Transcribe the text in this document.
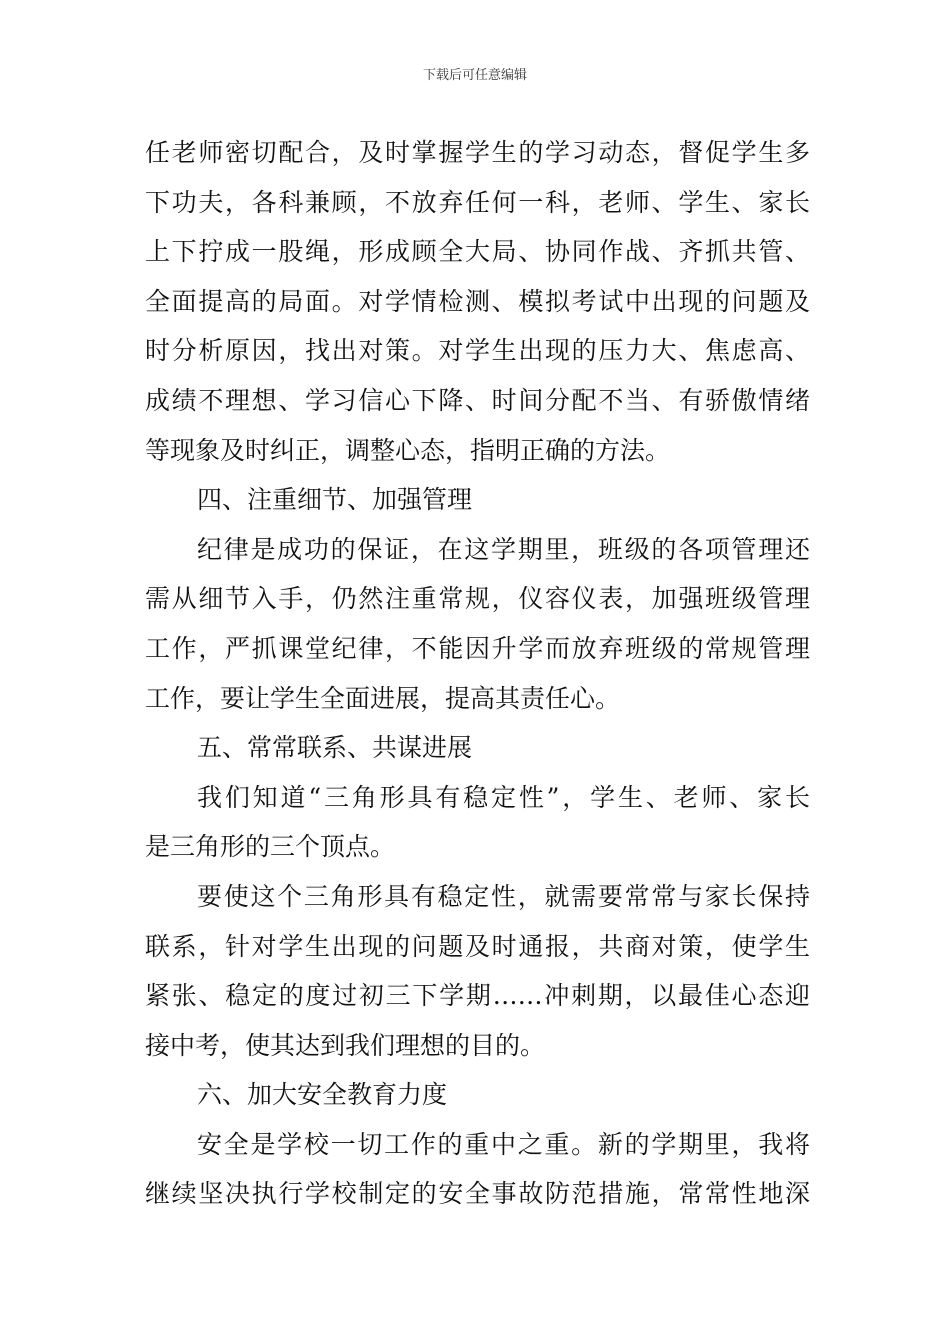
下载后可任意编辑
任老师密切配合，及时掌握学生的学习动态，督促学生多
下功夫，各科兼顾，不放弃任何一科，老师、学生、家长
上下拧成一股绳，形成顾全大局、协同作战、齐抓共管、
全面提高的局面。对学情检测、模拟考试中出现的问题及
时分析原因，找出对策。对学生出现的压力大、焦虑高、
成绩不理想、学习信心下降、时间分配不当、有骄傲情绪
等现象及时纠正，调整心态，指明正确的方法。
四、注重细节、加强管理
纪律是成功的保证，在这学期里，班级的各项管理还
需从细节入手，仍然注重常规，仪容仪表，加强班级管理
工作，严抓课堂纪律，不能因升学而放弃班级的常规管理
工作，要让学生全面进展，提高其责任心。
五、常常联系、共谋进展
我们知道“三角形具有稳定性”，学生、老师、家长
是三角形的三个顶点。
要使这个三角形具有稳定性，就需要常常与家长保持
联系，针对学生出现的问题及时通报，共商对策，使学生
紧张、稳定的度过初三下学期……冲刺期，以最佳心态迎
接中考，使其达到我们理想的目的。
六、加大安全教育力度
安全是学校一切工作的重中之重。新的学期里，我将
继续坚决执行学校制定的安全事故防范措施，常常性地深
